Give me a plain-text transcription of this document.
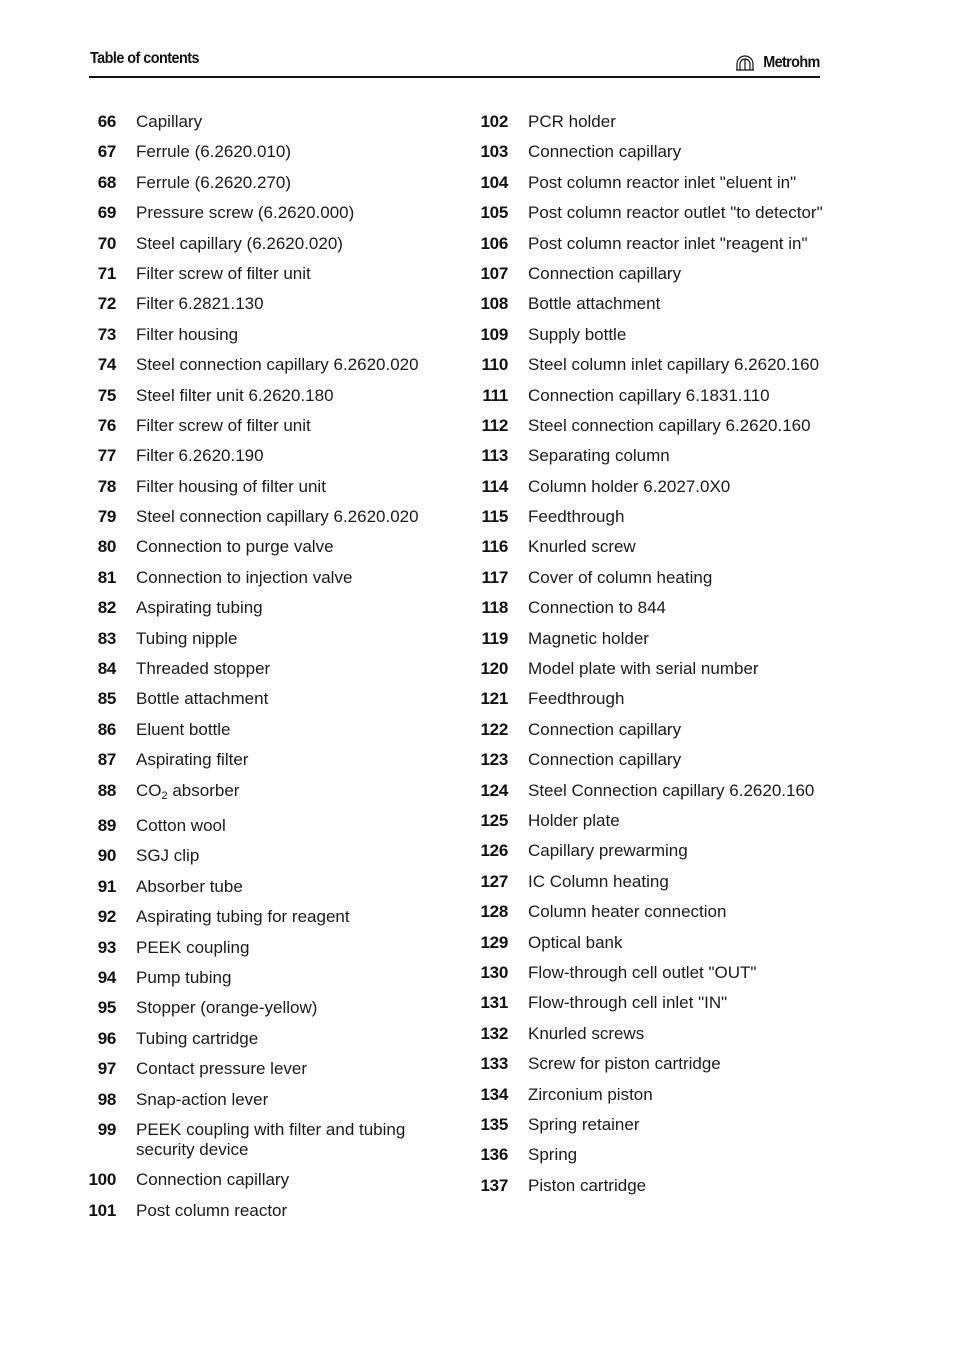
Table of contents	Metrohm
66 Capillary
67 Ferrule (6.2620.010)
68 Ferrule (6.2620.270)
69 Pressure screw (6.2620.000)
70 Steel capillary (6.2620.020)
71 Filter screw of filter unit
72 Filter 6.2821.130
73 Filter housing
74 Steel connection capillary 6.2620.020
75 Steel filter unit 6.2620.180
76 Filter screw of filter unit
77 Filter 6.2620.190
78 Filter housing of filter unit
79 Steel connection capillary 6.2620.020
80 Connection to purge valve
81 Connection to injection valve
82 Aspirating tubing
83 Tubing nipple
84 Threaded stopper
85 Bottle attachment
86 Eluent bottle
87 Aspirating filter
88 $CO_2$ absorber
89 Cotton wool
90 SGJ clip
91 Absorber tube
92 Aspirating tubing for reagent
93 PEEK coupling
94 Pump tubing
95 Stopper (orange-yellow)
96 Tubing cartridge
97 Contact pressure lever
98 Snap-action lever
99 PEEK coupling with filter and tubing security device
100 Connection capillary
101 Post column reactor
102 PCR holder
103 Connection capillary
104 Post column reactor inlet "eluent in"
105 Post column reactor outlet "to detector"
106 Post column reactor inlet "reagent in"
107 Connection capillary
108 Bottle attachment
109 Supply bottle
110 Steel column inlet capillary 6.2620.160
111 Connection capillary 6.1831.110
112 Steel connection capillary 6.2620.160
113 Separating column
114 Column holder 6.2027.0X0
115 Feedthrough
116 Knurled screw
117 Cover of column heating
118 Connection to 844
119 Magnetic holder
120 Model plate with serial number
121 Feedthrough
122 Connection capillary
123 Connection capillary
124 Steel Connection capillary 6.2620.160
125 Holder plate
126 Capillary prewarming
127 IC Column heating
128 Column heater connection
129 Optical bank
130 Flow-through cell outlet "OUT"
131 Flow-through cell inlet "IN"
132 Knurled screws
133 Screw for piston cartridge
134 Zirconium piston
135 Spring retainer
136 Spring
137 Piston cartridge
